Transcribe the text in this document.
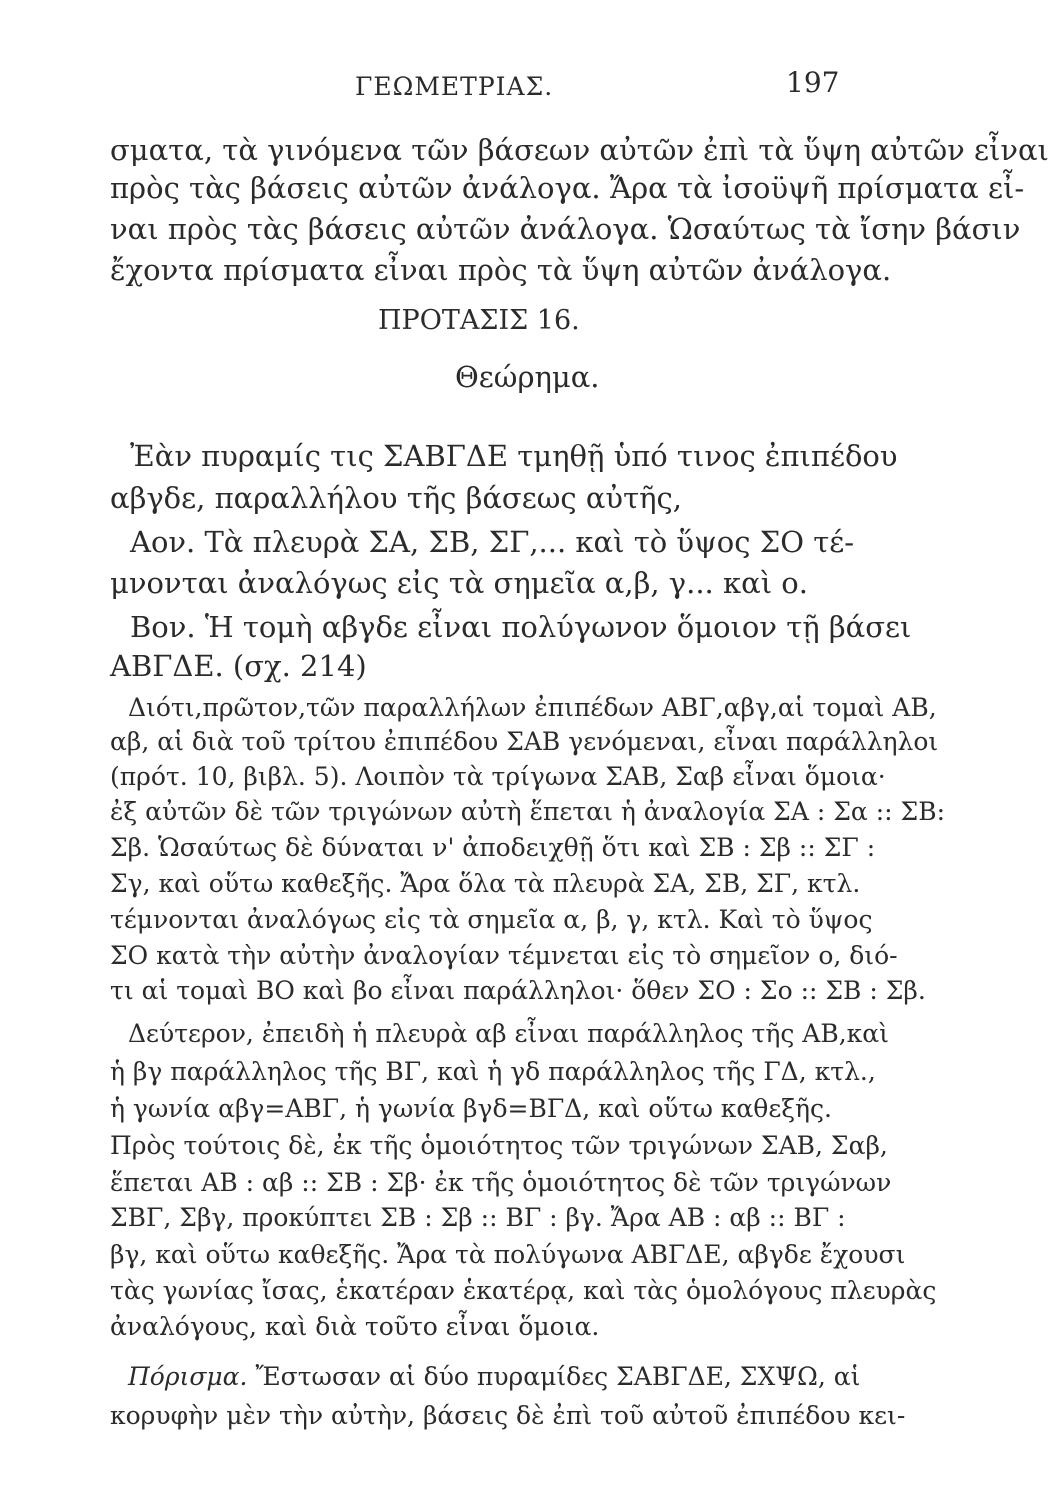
ΓΕΩΜΕΤΡΙΑΣ.	197
σματα, τὰ γινόμενα τῶν βάσεων αὐτῶν ἐπὶ τὰ ὕψη αὐτῶν εἶναι
πρὸς τὰς βάσεις αὐτῶν ἀνάλογα. Ἄρα τὰ ἰσοϋψῆ πρίσματα εἶ-
ναι πρὸς τὰς βάσεις αὐτῶν ἀνάλογα. Ὡσαύτως τὰ ἴσην βάσιν
ἔχοντα πρίσματα εἶναι πρὸς τὰ ὕψη αὐτῶν ἀνάλογα.
ΠΡΟΤΑΣΙΣ 16.
Θεώρημα.
Ἐὰν πυραμίς τις ΣΑΒΓΔΕ τμηθῇ ὑπό τινος ἐπιπέδου
αβγδε, παραλλήλου τῆς βάσεως αὐτῆς,
Αον. Τὰ πλευρὰ ΣΑ, ΣΒ, ΣΓ,... καὶ τὸ ὕψος ΣΟ τέ-
μνονται ἀναλόγως εἰς τὰ σημεῖα α,β, γ... καὶ ο.
Βον. Ἡ τομὴ αβγδε εἶναι πολύγωνον ὅμοιον τῇ βάσει
ΑΒΓΔΕ. (σχ. 214)
Διότι,πρῶτον,τῶν παραλλήλων ἐπιπέδων ΑΒΓ,αβγ,αἱ τομαὶ ΑΒ,
αβ, αἱ διὰ τοῦ τρίτου ἐπιπέδου ΣΑΒ γενόμεναι, εἶναι παράλληλοι
(πρότ. 10, βιβλ. 5). Λοιπὸν τὰ τρίγωνα ΣΑΒ, Σαβ εἶναι ὅμοια·
ἐξ αὐτῶν δὲ τῶν τριγώνων αὐτὴ ἕπεται ἡ ἀναλογία ΣΑ : Σα :: ΣΒ:
Σβ. Ὡσαύτως δὲ δύναται ν' ἀποδειχθῇ ὅτι καὶ ΣΒ : Σβ :: ΣΓ :
Σγ, καὶ οὕτω καθεξῆς. Ἄρα ὅλα τὰ πλευρὰ ΣΑ, ΣΒ, ΣΓ, κτλ.
τέμνονται ἀναλόγως εἰς τὰ σημεῖα α, β, γ, κτλ. Καὶ τὸ ὕψος
ΣΟ κατὰ τὴν αὐτὴν ἀναλογίαν τέμνεται εἰς τὸ σημεῖον ο, διό-
τι αἱ τομαὶ ΒΟ καὶ βο εἶναι παράλληλοι· ὅθεν ΣΟ : Σο :: ΣΒ : Σβ.
Δεύτερον, ἐπειδὴ ἡ πλευρὰ αβ εἶναι παράλληλος τῆς ΑΒ,καὶ
ἡ βγ παράλληλος τῆς ΒΓ, καὶ ἡ γδ παράλληλος τῆς ΓΔ, κτλ.,
ἡ γωνία αβγ=ΑΒΓ, ἡ γωνία βγδ=ΒΓΔ, καὶ οὕτω καθεξῆς.
Πρὸς τούτοις δὲ, ἐκ τῆς ὁμοιότητος τῶν τριγώνων ΣΑΒ, Σαβ,
ἕπεται ΑΒ : αβ :: ΣΒ : Σβ· ἐκ τῆς ὁμοιότητος δὲ τῶν τριγώνων
ΣΒΓ, Σβγ, προκύπτει ΣΒ : Σβ :: ΒΓ : βγ. Ἄρα ΑΒ : αβ :: ΒΓ :
βγ, καὶ οὕτω καθεξῆς. Ἄρα τὰ πολύγωνα ΑΒΓΔΕ, αβγδε ἔχουσι
τὰς γωνίας ἴσας, ἑκατέραν ἑκατέρᾳ, καὶ τὰς ὁμολόγους πλευρὰς
ἀναλόγους, καὶ διὰ τοῦτο εἶναι ὅμοια.
Πόρισμα. Ἔστωσαν αἱ δύο πυραμίδες ΣΑΒΓΔΕ, ΣΧΨΩ, αἱ
κορυφὴν μὲν τὴν αὐτὴν, βάσεις δὲ ἐπὶ τοῦ αὐτοῦ ἐπιπέδου κει-
